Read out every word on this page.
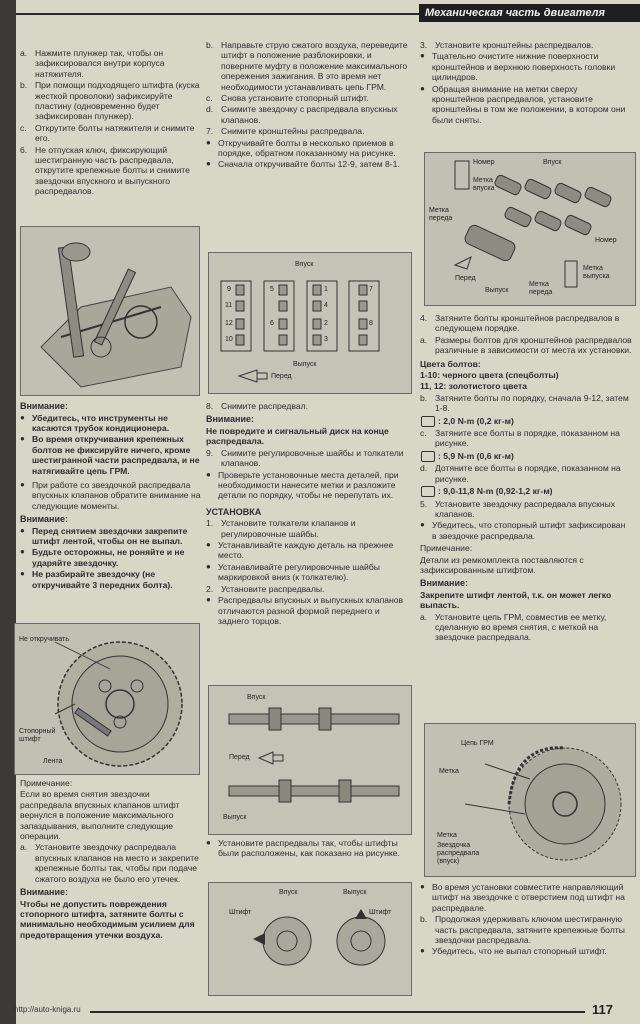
Механическая часть двигателя
a. Нажмите плунжер так, чтобы он зафиксировался внутри корпуса натяжителя.
b. При помощи подходящего штифта (куска жесткой проволоки) зафиксируйте пластину (одновременно будет зафиксирован плунжер).
c. Открутите болты натяжителя и снимите его.
6. Не отпуская ключ, фиксирующий шестигранную часть распредвала, открутите крепежные болты и снимите звездочки впускного и выпускного распредвалов.
Внимание:
● Убедитесь, что инструменты не касаются трубок кондиционера.
● Во время откручивания крепежных болтов не фиксируйте ничего, кроме шестигранной части распредвала, и не натягивайте цепь ГРМ.
● При работе со звездочкой распредвала впускных клапанов обратите внимание на следующие моменты.
Внимание:
● Перед снятием звездочки закрепите штифт лентой, чтобы он не выпал.
● Будьте осторожны, не роняйте и не ударяйте звездочку.
● Не разбирайте звездочку (не откручивайте 3 передних болта).
Не откручивать
Стопорный штифт
Лента

Примечание:

Если во время снятия звездочки распредвала впускных клапанов штифт вернулся в положение максимального запаздывания, выполните следующие операции.

a. Установите звездочку распредвала впускных клапанов на место и закрепите крепежные болты так, чтобы при подаче сжатого воздуха не было его утечек.
Внимание:

Чтобы не допустить повреждения стопорного штифта, затяните болты с минимально необходимым усилием для предотвращения утечки воздуха.

b. Направьте струю сжатого воздуха, переведите штифт в положение разблокировки, и поверните муфту в положение максимального опережения зажигания. В это время нет необходимости устанавливать цепь ГРМ.
c. Снова установите стопорный штифт.
d. Снимите звездочку с распредвала впускных клапанов.
7. Снимите кронштейны распредвала.
● Откручивайте болты в несколько приемов в порядке, обратном показанному на рисунке.
● Сначала откручивайте болты 12-9, затем 8-1.
Впуск
Выпуск
Перед
9
11
12
10
5
6
1
4
2
3
8
7
8. Снимите распредвал.
Внимание:

Не повредите и сигнальный диск на конце распредвала.

9. Снимите регулировочные шайбы и толкатели клапанов.
● Проверьте установочные места деталей, при необходимости нанесите метки и разложите детали по порядку, чтобы не перепутать их.
УСТАНОВКА
1. Установите толкатели клапанов и регулировочные шайбы.
● Устанавливайте каждую деталь на прежнее место.
● Устанавливайте регулировочные шайбы маркировкой вниз (к толкателю).
2. Установите распредвалы.
● Распредвалы впускных и выпускных клапанов отличаются разной формой переднего и заднего торцов.
Впуск
Перед
Выпуск
● Установите распредвалы так, чтобы штифты были расположены, как показано на рисунке.
Впуск	Выпуск
Штифт	Штифт
3. Установите кронштейны распредвалов.
● Тщательно очистите нижние поверхности кронштейнов и верхнюю поверхность головки цилиндров.
● Обращая внимание на метки сверху кронштейнов распредвалов, установите кронштейны в том же положении, в котором они были сняты.
Номер
Метка впуска
Впуск
Метка переда
Номер
Перед
Выпуск
Метка переда
Метка выпуска
4. Затяните болты кронштейнов распредвалов в следующем порядке.
a. Размеры болтов для кронштейнов распредвалов различные в зависимости от места их установки.

Цвета болтов:

1-10: черного цвета (спецболты)

11, 12: золотистого цвета

b. Затяните болты по порядку, сначала 9-12, затем 1-8.
: 2,0 N-m (0,2 кг-м)
c. Затяните все болты в порядке, показанном на рисунке.
: 5,9 N-m (0,6 кг-м)
d. Дотяните все болты в порядке, показанном на рисунке.
: 9,0-11,8 N-m (0,92-1,2 кг-м)
5. Установите звездочку распредвала впускных клапанов.
● Убедитесь, что стопорный штифт зафиксирован в звездочке распредвала.

Примечание:

Детали из ремкомплекта поставляются с зафиксированным штифтом.

Внимание:

Закрепите штифт лентой, т.к. он может легко выпасть.

a. Установите цепь ГРМ, совместив ее метку, сделанную во время снятия, с меткой на звездочке распредвала.
Цепь ГРМ
Метка
Метка
Звездочка распредвала (впуск)
● Во время установки совместите направляющий штифт на звездочке с отверстием под штифт на распредвале.
b. Продолжая удерживать ключом шестигранную часть распредвала, затяните крепежные болты звездочки распредвала.
● Убедитесь, что не выпал стопорный штифт.
http://auto-kniga.ru	117
